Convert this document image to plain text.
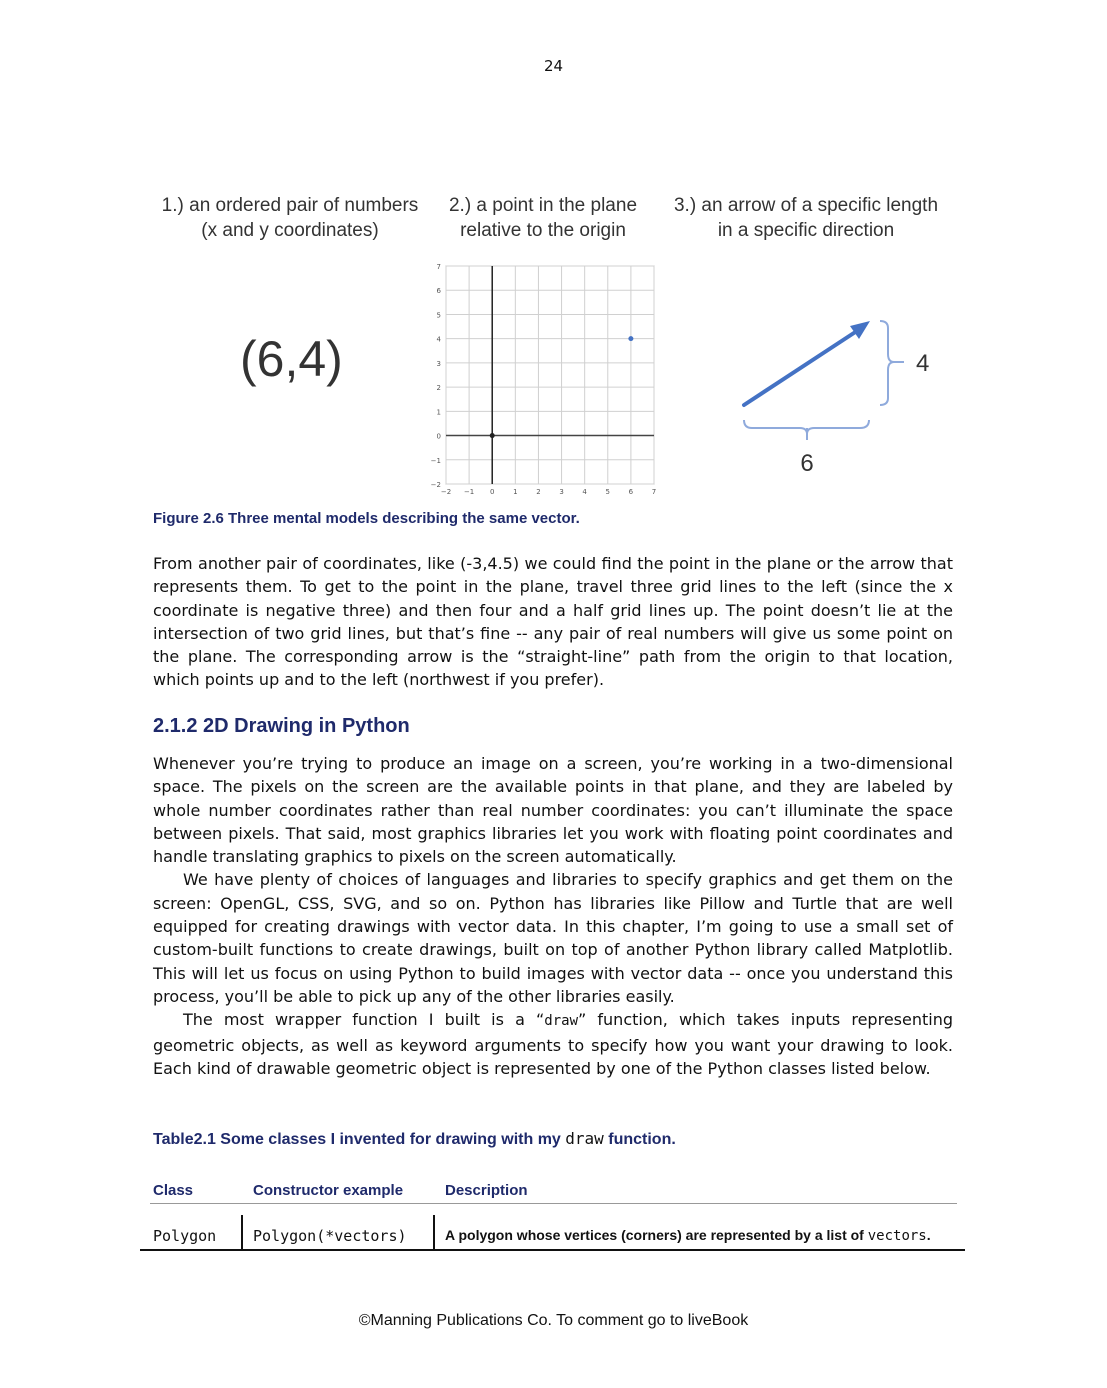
24
1.) an ordered pair of numbers
(x and y coordinates)
2.) a point in the plane
relative to the origin
3.) an arrow of a specific length
in a specific direction
(6,4)
−2 −1 0	1	2	3	4	5	6	7
−2
−1
0
1
2
3
4
5
6
7
4
6
Figure 2.6 Three mental models describing the same vector.

From another pair of coordinates, like (-3,4.5) we could find the point in the plane or the arrow that represents them. To get to the point in the plane, travel three grid lines to the left (since the x coordinate is negative three) and then four and a half grid lines up. The point doesn’t lie at the intersection of two grid lines, but that’s fine -- any pair of real numbers will give us some point on the plane. The corresponding arrow is the “straight-line” path from the origin to that location, which points up and to the left (northwest if you prefer).

2.1.2 2D Drawing in Python

Whenever you’re trying to produce an image on a screen, you’re working in a two-dimensional space. The pixels on the screen are the available points in that plane, and they are labeled by whole number coordinates rather than real number coordinates: you can’t illuminate the space between pixels. That said, most graphics libraries let you work with floating point coordinates and handle translating graphics to pixels on the screen automatically.

We have plenty of choices of languages and libraries to specify graphics and get them on the screen: OpenGL, CSS, SVG, and so on. Python has libraries like Pillow and Turtle that are well equipped for creating drawings with vector data. In this chapter, I’m going to use a small set of custom-built functions to create drawings, built on top of another Python library called Matplotlib. This will let us focus on using Python to build images with vector data -- once you understand this process, you’ll be able to pick up any of the other libraries easily.

The most wrapper function I built is a “draw” function, which takes inputs representing geometric objects, as well as keyword arguments to specify how you want your drawing to look. Each kind of drawable geometric object is represented by one of the Python classes listed below.

Table2.1 Some classes I invented for drawing with my draw function.
Class	Constructor example	Description
Polygon Polygon(*vectors)	A polygon whose vertices (corners) are represented by a list of vectors.
©Manning Publications Co. To comment go to liveBook
